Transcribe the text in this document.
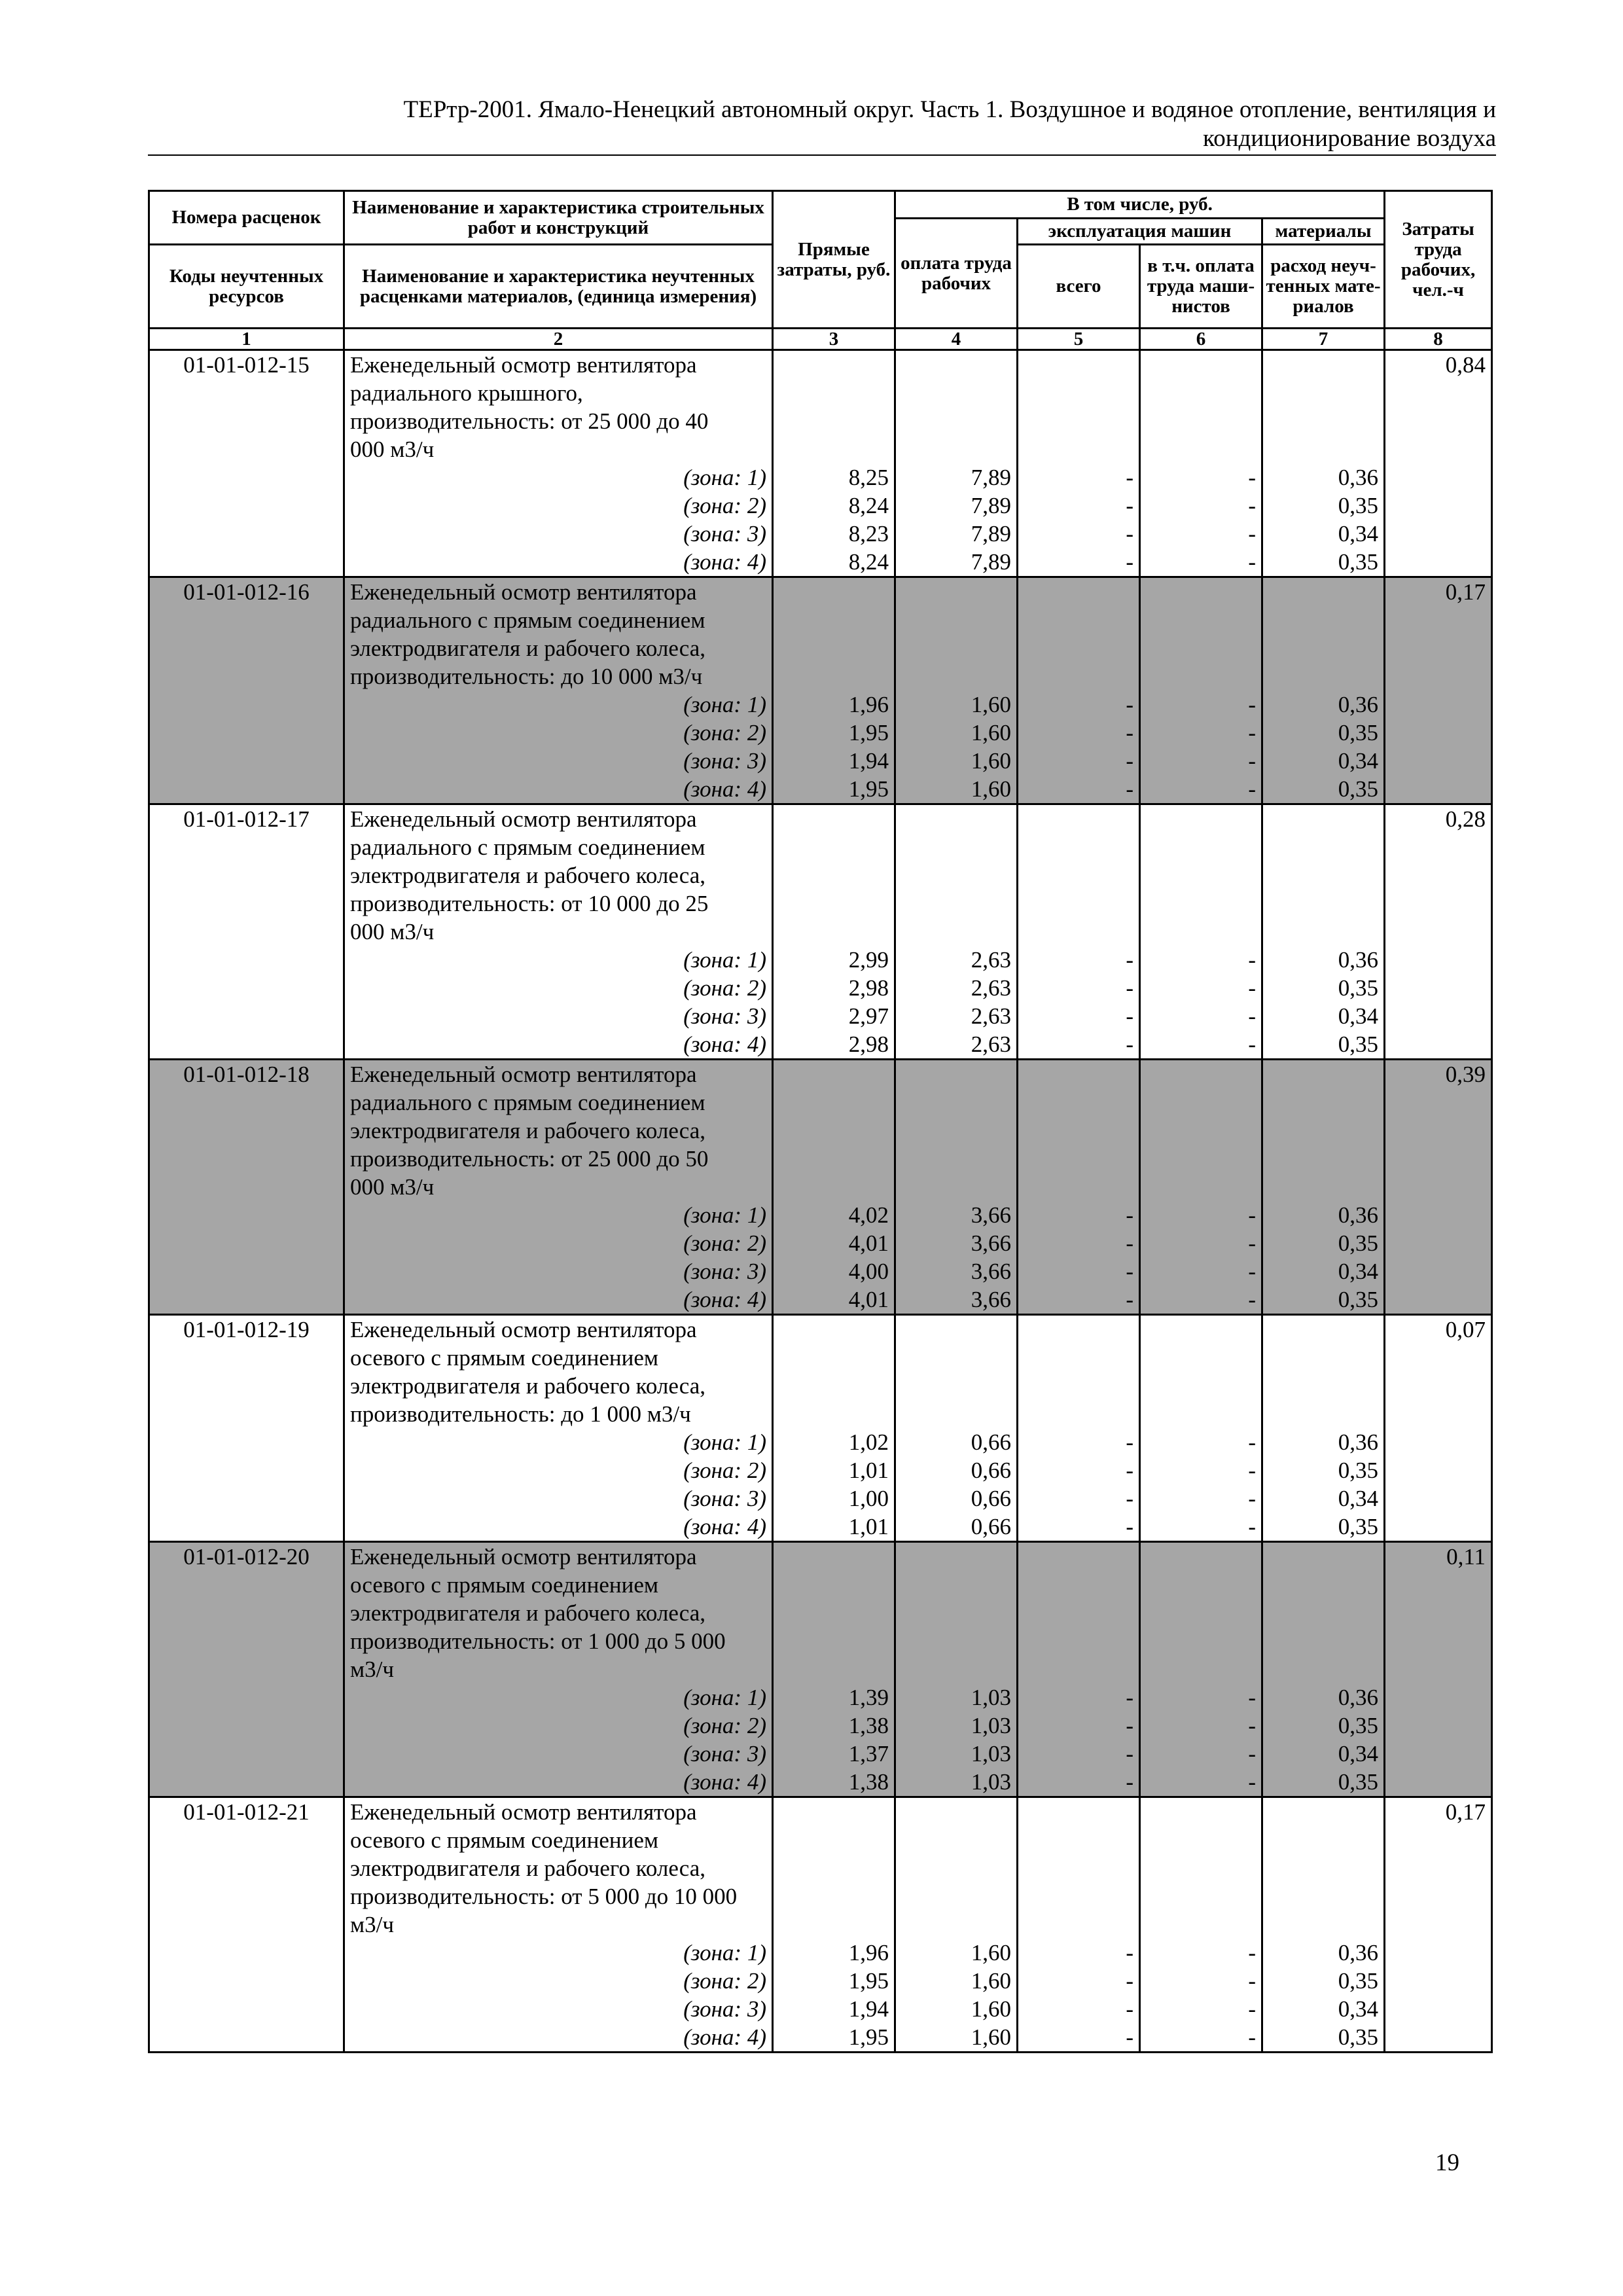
ТЕРтр-2001. Ямало-Ненецкий автономный округ. Часть 1. Воздушное и водяное отопление, вентиляция и
кондиционирование воздуха
Номера расценок	Наименование и характеристика строительных работ и конструкций	Прямые затраты, руб.	В том числе, руб.				Затраты труда рабочих, чел.-ч
			оплата труда рабочих	эксплуатация машин		материалы	
Коды неучтенных ресурсов	Наименование и характеристика неучтенных расценками материалов, (единица измерения)			всего	в т.ч. оплата труда маши-нистов	расход неуч-тенных мате-риалов	

1	2	3	4	5	6	7	8
01-01-012-15	Еженедельный осмотр вентилятора
радиального крышного,
производительность: от 25 000 до 40
000 м3/ч						0,84
	(зона: 1)	8,25	7,89	-	-	0,36	
	(зона: 2)	8,24	7,89	-	-	0,35	
	(зона: 3)	8,23	7,89	-	-	0,34	
	(зона: 4)	8,24	7,89	-	-	0,35	
01-01-012-16	Еженедельный осмотр вентилятора
радиального с прямым соединением
электродвигателя и рабочего колеса,
производительность: до 10 000 м3/ч						0,17
	(зона: 1)	1,96	1,60	-	-	0,36	
	(зона: 2)	1,95	1,60	-	-	0,35	
	(зона: 3)	1,94	1,60	-	-	0,34	
	(зона: 4)	1,95	1,60	-	-	0,35	
01-01-012-17	Еженедельный осмотр вентилятора
радиального с прямым соединением
электродвигателя и рабочего колеса,
производительность: от 10 000 до 25
000 м3/ч						0,28
	(зона: 1)	2,99	2,63	-	-	0,36	
	(зона: 2)	2,98	2,63	-	-	0,35	
	(зона: 3)	2,97	2,63	-	-	0,34	
	(зона: 4)	2,98	2,63	-	-	0,35	
01-01-012-18	Еженедельный осмотр вентилятора
радиального с прямым соединением
электродвигателя и рабочего колеса,
производительность: от 25 000 до 50
000 м3/ч						0,39
	(зона: 1)	4,02	3,66	-	-	0,36	
	(зона: 2)	4,01	3,66	-	-	0,35	
	(зона: 3)	4,00	3,66	-	-	0,34	
	(зона: 4)	4,01	3,66	-	-	0,35	
01-01-012-19	Еженедельный осмотр вентилятора
осевого с прямым соединением
электродвигателя и рабочего колеса,
производительность: до 1 000 м3/ч						0,07
	(зона: 1)	1,02	0,66	-	-	0,36	
	(зона: 2)	1,01	0,66	-	-	0,35	
	(зона: 3)	1,00	0,66	-	-	0,34	
	(зона: 4)	1,01	0,66	-	-	0,35	
01-01-012-20	Еженедельный осмотр вентилятора
осевого с прямым соединением
электродвигателя и рабочего колеса,
производительность: от 1 000 до 5 000
м3/ч						0,11
	(зона: 1)	1,39	1,03	-	-	0,36	
	(зона: 2)	1,38	1,03	-	-	0,35	
	(зона: 3)	1,37	1,03	-	-	0,34	
	(зона: 4)	1,38	1,03	-	-	0,35	
01-01-012-21	Еженедельный осмотр вентилятора
осевого с прямым соединением
электродвигателя и рабочего колеса,
производительность: от 5 000 до 10 000
м3/ч						0,17
	(зона: 1)	1,96	1,60	-	-	0,36	
	(зона: 2)	1,95	1,60	-	-	0,35	
	(зона: 3)	1,94	1,60	-	-	0,34	
	(зона: 4)	1,95	1,60	-	-	0,35	
19
